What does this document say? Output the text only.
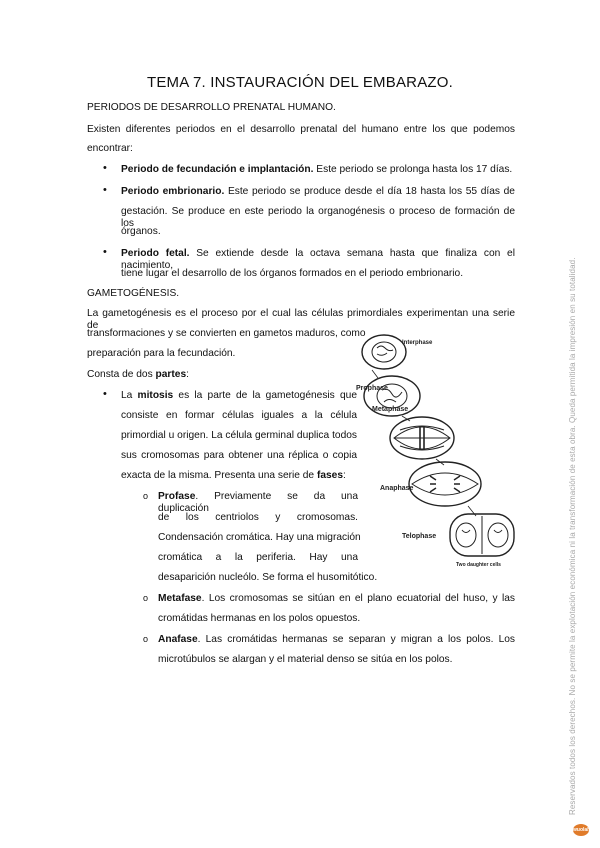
TEMA 7. INSTAURACIÓN DEL EMBARAZO.
PERIODOS DE DESARROLLO PRENATAL HUMANO.
Existen diferentes periodos en el desarrollo prenatal del humano entre los que podemos
encontrar:
• Periodo de fecundación e implantación. Este periodo se prolonga hasta los 17 días.
• Periodo embrionario. Este periodo se produce desde el día 18 hasta los 55 días de
gestación. Se produce en este periodo la organogénesis o proceso de formación de los
órganos.
• Periodo fetal. Se extiende desde la octava semana hasta que finaliza con el nacimiento,
tiene lugar el desarrollo de los órganos formados en el periodo embrionario.
GAMETOGÉNESIS.
La gametogénesis es el proceso por el cual las células primordiales experimentan una serie de
transformaciones y se convierten en gametos maduros, como
preparación para la fecundación.
Consta de dos partes:
• La mitosis es la parte de la gametogénesis que
consiste en formar células iguales a la célula
primordial u origen. La célula germinal duplica todos
sus cromosomas para obtener una réplica o copia
exacta de la misma. Presenta una serie de fases:
o Profase. Previamente se da una duplicación
de los centriolos y cromosomas.
Condensación cromática. Hay una migración
cromática a la periferia. Hay una
desaparición nucleólo. Se forma el husomitótico.
o Metafase. Los cromosomas se sitúan en el plano ecuatorial del huso, y las
cromátidas hermanas en los polos opuestos.
o Anafase. Las cromátidas hermanas se separan y migran a los polos. Los
microtúbulos se alargan y el material denso se sitúa en los polos.
Interphase
Prophase
Metaphase
Anaphase
Telophase
Two daughter cells	Reservados todos los derechos. No se permite la explotación económica ni la transformación de esta obra. Queda permitida la impresión en su totalidad.
wuolah
